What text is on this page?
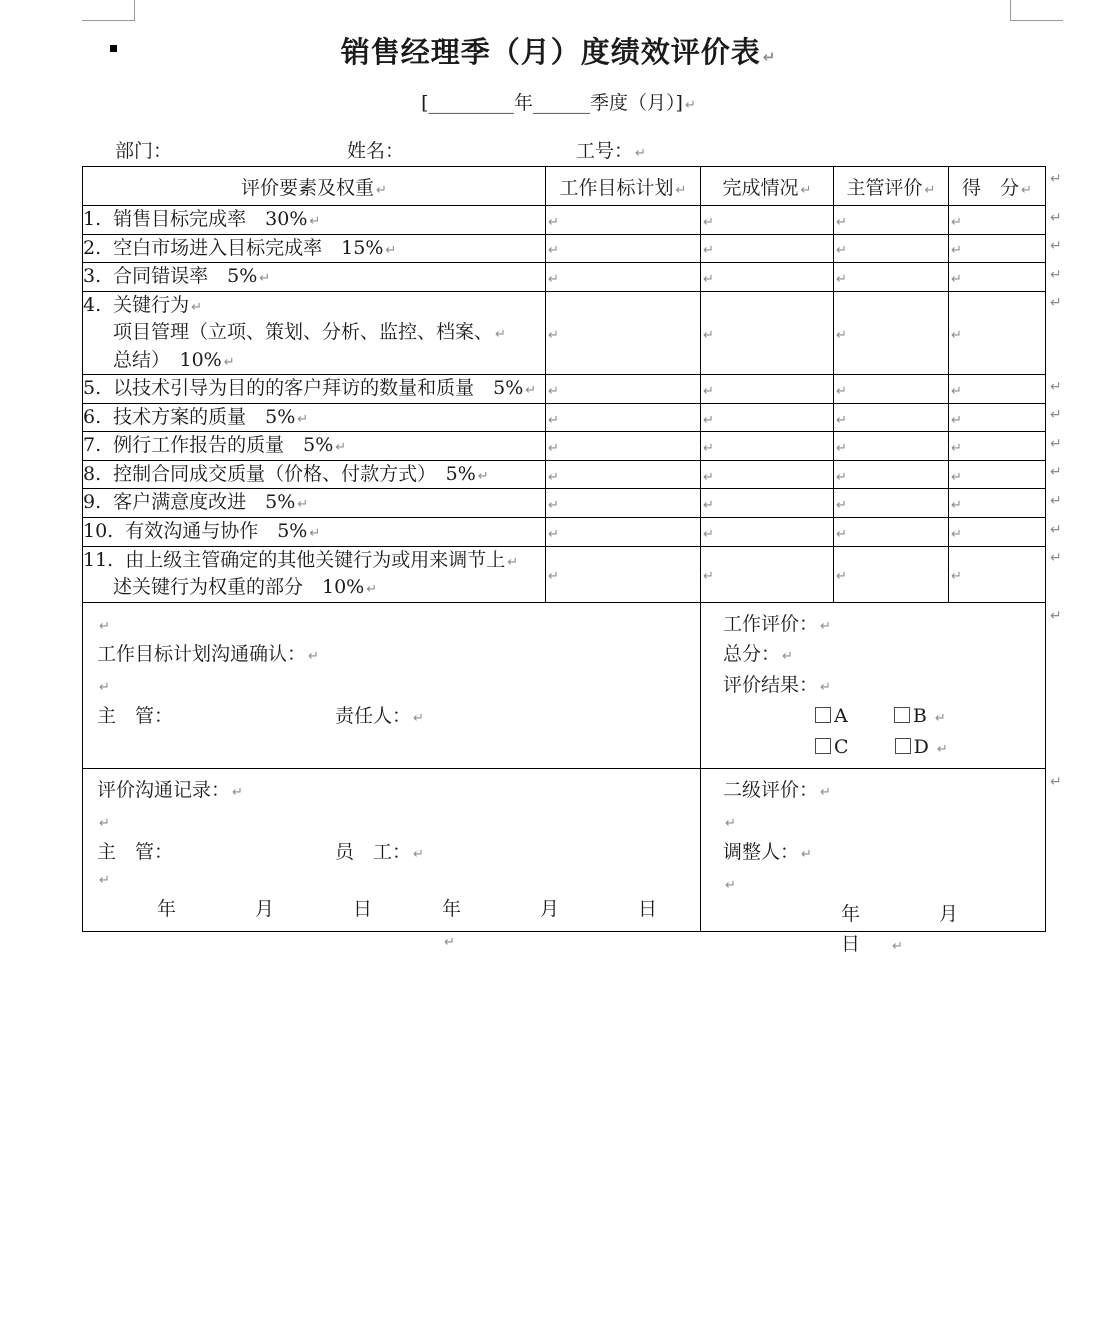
销售经理季（月）度绩效评价表 ↵
[_________年______季度（月）] ↵
部门：	姓名：	工号： ↵
评价要素及权重 ↵	工作目标计划 ↵	完成情况 ↵	主管评价 ↵	得　分 ↵

1. 销售目标完成率　30% ↵	↵	↵	↵	↵

2. 空白市场进入目标完成率　15% ↵	↵	↵	↵	↵

3. 合同错误率　5% ↵	↵	↵	↵	↵

4. 关键行为 ↵
项目管理（立项、策划、分析、监控、档案、 ↵
总结）　10% ↵	↵	↵	↵	↵

5. 以技术引导为目的的客户拜访的数量和质量　5% ↵	↵	↵	↵	↵

6. 技术方案的质量　5% ↵	↵	↵	↵	↵

7. 例行工作报告的质量　5% ↵	↵	↵	↵	↵

8. 控制合同成交质量（价格、付款方式）　5% ↵	↵	↵	↵	↵

9. 客户满意度改进　5% ↵	↵	↵	↵	↵

10. 有效沟通与协作　5% ↵	↵	↵	↵	↵

11. 由上级主管确定的其他关键行为或用来调节上 ↵
述关键行为权重的部分　10% ↵	↵	↵	↵	↵
↵
工作目标计划沟通确认： ↵
↵
主　管：	责任人： ↵

工作评价： ↵
总分： ↵
评价结果： ↵
A	B ↵
C	D ↵
评价沟通记录： ↵
↵
主　管：	员　工： ↵
↵
年　月　日 年　月　日↵

二级评价： ↵
↵
调整人： ↵
↵
年　月　日 ↵
↵
↵
↵
↵
↵
↵
↵
↵
↵
↵
↵
↵
↵
↵
